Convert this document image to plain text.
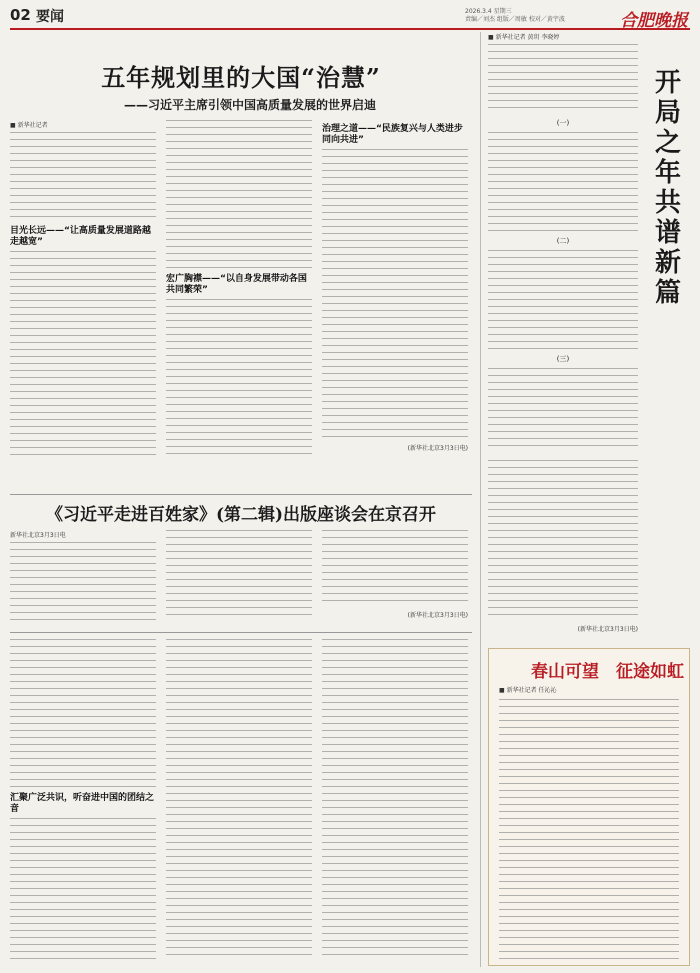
02 要闻	2026.3.4 星期三
责编／刘杰 组版／周敏 校对／黄宇波	合肥晚报
五年规划里的大国“治慧”
——习近平主席引领中国高质量发展的世界启迪
■ 新华社记者
目光长远——“让高质量发展道路越走越宽”
宏广胸襟——“以自身发展带动各国共同繁荣”
治理之道——“民族复兴与人类进步同向共进”
(新华社北京3月3日电)
《习近平走进百姓家》(第二辑)出版座谈会在京召开
新华社北京3月3日电
(新华社北京3月3日电)
汇聚广泛共识，听奋进中国的团结之音
■ 新华社记者 黄玥 李晓婷
(一)
(二)
(三)
开局之年 共谱新篇
(新华社北京3月3日电)
春山可望　征途如虹
■ 新华社记者 任沁沁
